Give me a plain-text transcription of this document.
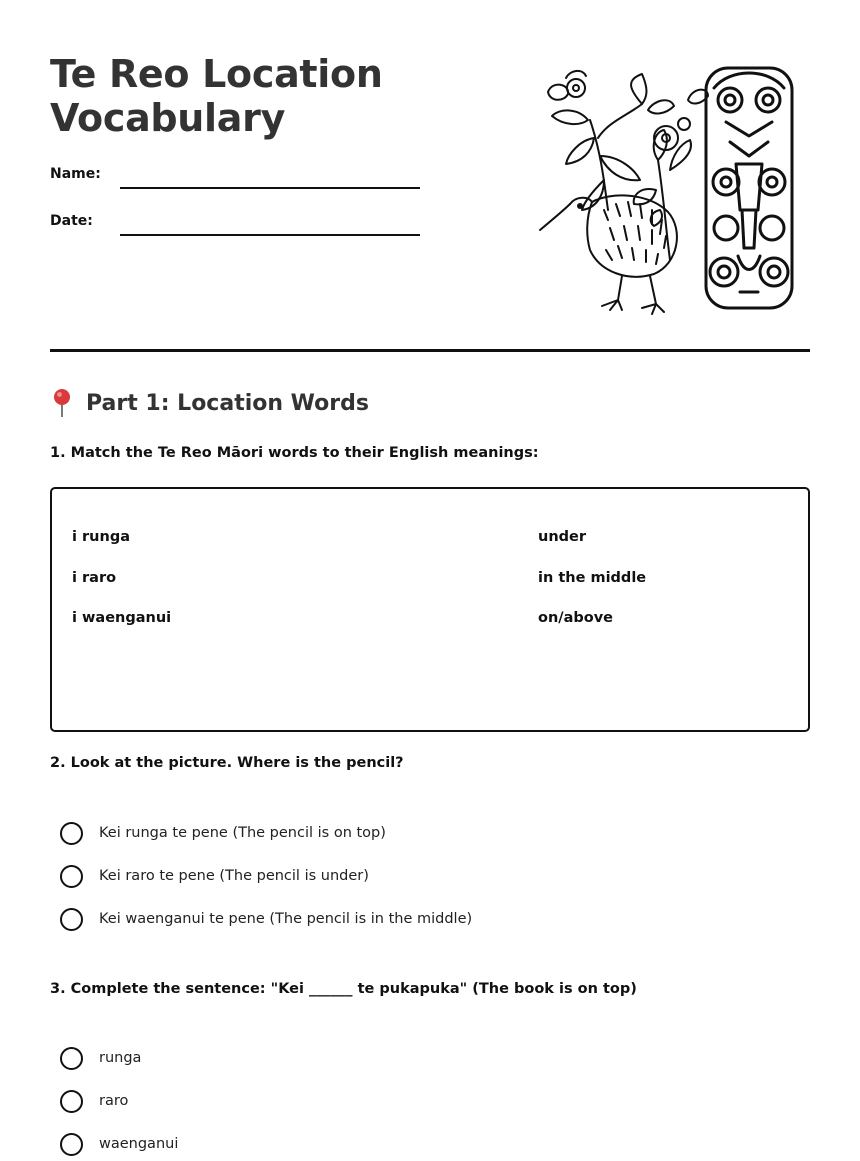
Te Reo Location
Vocabulary
Name:
Date:
Part 1: Location Words
1. Match the Te Reo Māori words to their English meanings:
i runga
i raro
i waenganui
under
in the middle
on/above
2. Look at the picture. Where is the pencil?
Kei runga te pene (The pencil is on top)
Kei raro te pene (The pencil is under)
Kei waenganui te pene (The pencil is in the middle)
3. Complete the sentence: "Kei ______ te pukapuka" (The book is on top)
runga
raro
waenganui
